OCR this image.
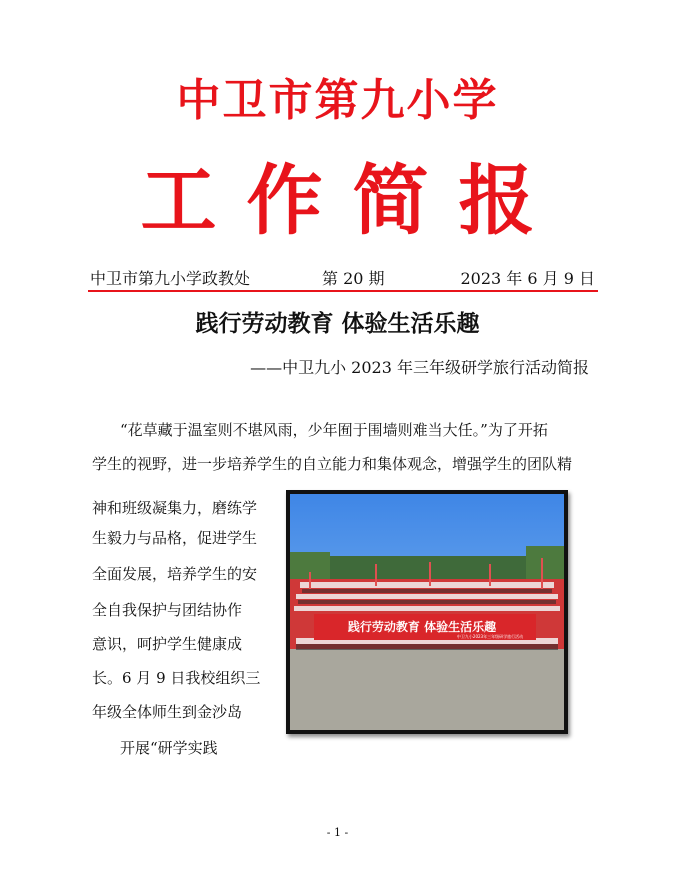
中卫市第九小学
工作简报
中卫市第九小学政教处	第 20 期	2023 年 6 月 9 日
践行劳动教育 体验生活乐趣
——中卫九小 2023 年三年级研学旅行活动简报
“花草藏于温室则不堪风雨，少年囿于围墙则难当大任。”为了开拓
学生的视野，进一步培养学生的自立能力和集体观念，增强学生的团队精
神和班级凝集力，磨练学
生毅力与品格，促进学生
全面发展，培养学生的安
全自我保护与团结协作
意识，呵护学生健康成
长。6 月 9 日我校组织三
年级全体师生到金沙岛
开展“研学实践
践行劳动教育 体验生活乐趣
中卫九小2023年三年级研学旅行活动
- 1 -
